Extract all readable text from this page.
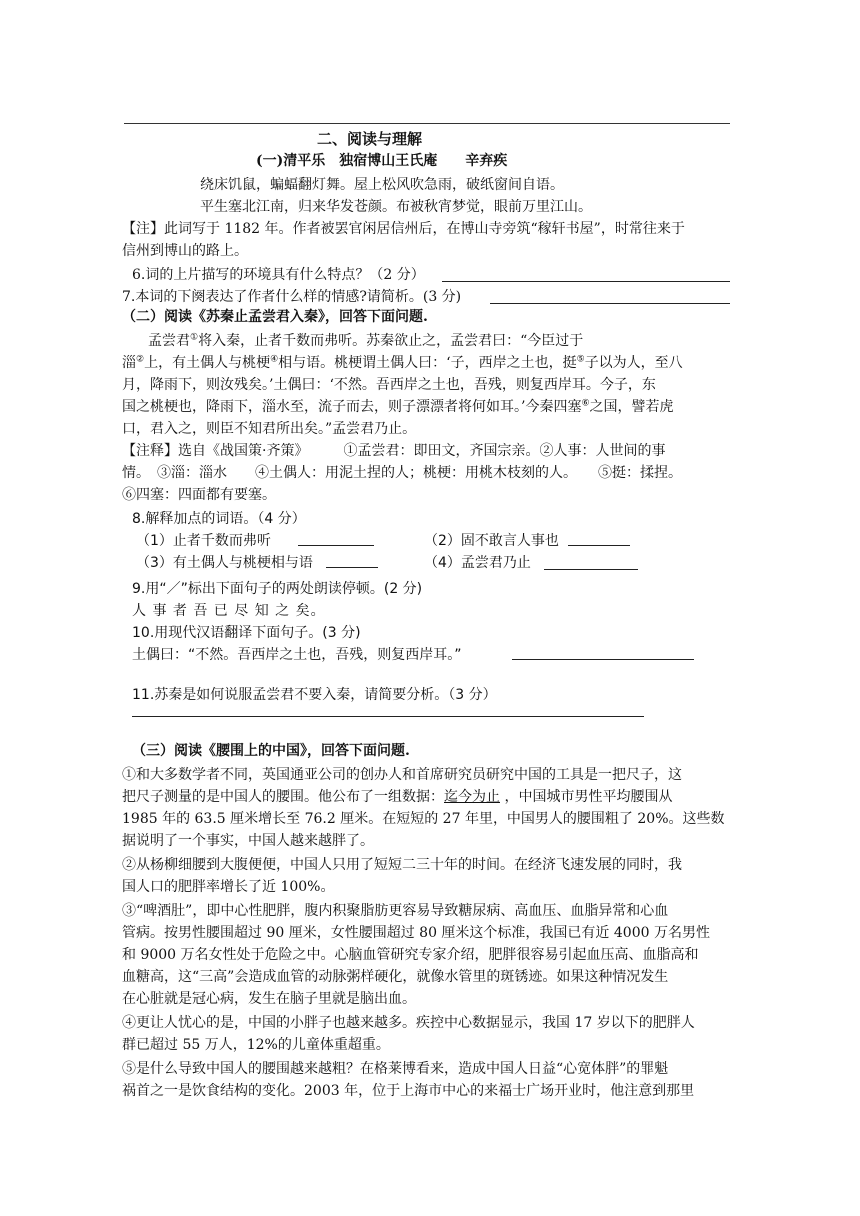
二、阅读与理解
(一)清平乐　独宿博山王氏庵　　辛弃疾
绕床饥鼠，蝙蝠翻灯舞。屋上松风吹急雨，破纸窗间自语。
平生塞北江南，归来华发苍颜。布被秋宵梦觉，眼前万里江山。
【注】此词写于 1182 年。作者被罢官闲居信州后，在博山寺旁筑“稼轩书屋”，时常往来于
信州到博山的路上。
6.词的上片描写的环境具有什么特点？（2 分）
7.本词的下阕表达了作者什么样的情感?请简析。(3 分)
（二）阅读《苏秦止孟尝君入秦》，回答下面问题.
孟尝君①将入秦，止者千数而弗听。苏秦欲止之，孟尝君曰：“今臣过于
淄②上，有土偶人与桃梗④相与语。桃梗谓土偶人曰：‘子，西岸之土也，挺⑤子以为人，至八
月，降雨下，则汝残矣。’土偶曰：‘不然。吾西岸之土也，吾残，则复西岸耳。今子，东
国之桃梗也，降雨下，淄水至，流子而去，则子漂漂者将何如耳。’今秦四塞⑥之国，譬若虎
口，君入之，则臣不知君所出矣。”孟尝君乃止。
【注释】选自《战国策·齐策》　　　①孟尝君：即田文，齐国宗亲。②人事：人世间的事
情。　③淄：淄水　　④土偶人：用泥土捏的人；桃梗：用桃木枝刻的人。　　⑤挺：揉捏。
⑥四塞：四面都有要塞。
8.解释加点的词语。（4 分）
（1）止者千数而弗听	（2）固不敢言人事也
（3）有土偶人与桃梗相与语	（4）孟尝君乃止
9.用“／”标出下面句子的两处朗读停顿。(2 分)
人 事 者 吾 已 尽 知 之 矣。
10.用现代汉语翻译下面句子。(3 分)
土偶曰：“不然。吾西岸之土也，吾残，则复西岸耳。”
11.苏秦是如何说服孟尝君不要入秦，请简要分析。（3 分）
（三）阅读《腰围上的中国》，回答下面问题.
①和大多数学者不同，英国通亚公司的创办人和首席研究员研究中国的工具是一把尺子，这
把尺子测量的是中国人的腰围。他公布了一组数据：迄今为止 ，中国城市男性平均腰围从
1985 年的 63.5 厘米增长至 76.2 厘米。在短短的 27 年里，中国男人的腰围粗了 20%。这些数
据说明了一个事实，中国人越来越胖了。
②从杨柳细腰到大腹便便，中国人只用了短短二三十年的时间。在经济飞速发展的同时，我
国人口的肥胖率增长了近 100%。
③“啤酒肚”，即中心性肥胖，腹内积聚脂肪更容易导致糖尿病、高血压、血脂异常和心血
管病。按男性腰围超过 90 厘米，女性腰围超过 80 厘米这个标准，我国已有近 4000 万名男性
和 9000 万名女性处于危险之中。心脑血管研究专家介绍，肥胖很容易引起血压高、血脂高和
血糖高，这“三高”会造成血管的动脉粥样硬化，就像水管里的斑锈迹。如果这种情况发生
在心脏就是冠心病，发生在脑子里就是脑出血。
④更让人忧心的是，中国的小胖子也越来越多。疾控中心数据显示，我国 17 岁以下的肥胖人
群已超过 55 万人，12%的儿童体重超重。
⑤是什么导致中国人的腰围越来越粗？在格莱博看来，造成中国人日益“心宽体胖”的罪魁
祸首之一是饮食结构的变化。2003 年，位于上海市中心的来福士广场开业时，他注意到那里
